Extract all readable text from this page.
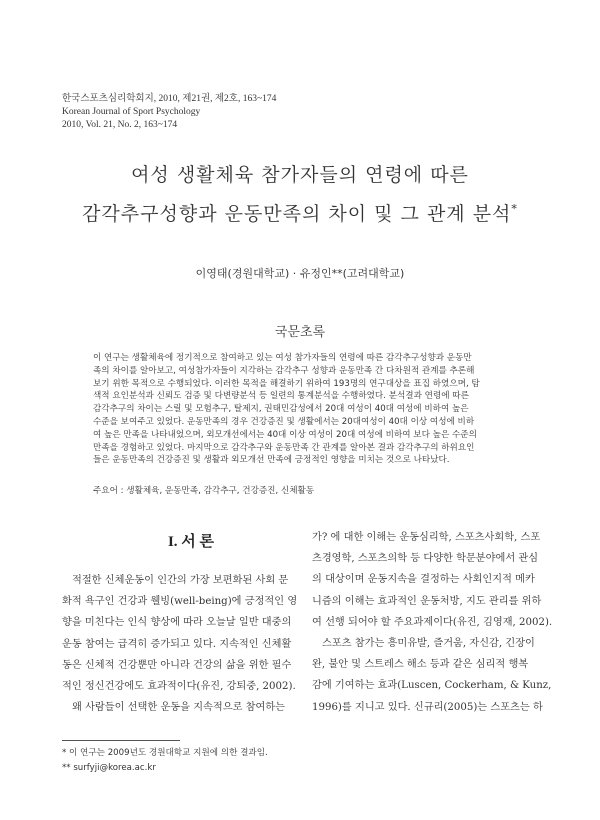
한국스포츠심리학회지, 2010, 제21권, 제2호, 163~174
Korean Journal of Sport Psychology
2010, Vol. 21, No. 2, 163~174
여성 생활체육 참가자들의 연령에 따른
감각추구성향과 운동만족의 차이 및 그 관계 분석*
이영태(경원대학교) · 유정인**(고려대학교)
국문초록
이 연구는 생활체육에 정기적으로 참여하고 있는 여성 참가자들의 연령에 따른 감각추구성향과 운동만
족의 차이를 알아보고, 여성참가자들이 지각하는 감각추구 성향과 운동만족 간 다차원적 관계를 추론해
보기 위한 목적으로 수행되었다. 이러한 목적을 해결하기 위하여 193명의 연구대상을 표집 하였으며, 탐
색적 요인분석과 신뢰도 검증 및 다변량분석 등 일련의 통계분석을 수행하였다. 분석결과 연령에 따른
감각추구의 차이는 스릴 및 모험추구, 탈제지, 권태민감성에서 20대 여성이 40대 여성에 비하여 높은
수준을 보여주고 있었다. 운동만족의 경우 건강증진 및 생활에서는 20대여성이 40대 이상 여성에 비하
여 높은 만족을 나타내었으며, 외모개선에서는 40대 이상 여성이 20대 여성에 비하여 보다 높은 수준의
만족을 경험하고 있었다. 마지막으로 감각추구와 운동만족 간 관계를 알아본 결과 감각추구의 하위요인
들은 운동만족의 건강증진 및 생활과 외모개선 만족에 긍정적인 영향을 미치는 것으로 나타났다.
주요어 : 생활체육, 운동만족, 감각추구, 건강증진, 신체활동
I. 서 론
적절한 신체운동이 인간의 가장 보편화된 사회 문
화적 욕구인 건강과 웰빙(well-being)에 긍정적인 영
향을 미친다는 인식 향상에 따라 오늘날 일반 대중의
운동 참여는 급격히 증가되고 있다. 지속적인 신체활
동은 신체적 건강뿐만 아니라 건강의 삶을 위한 필수
적인 정신건강에도 효과적이다(유진, 강퇴중, 2002).
왜 사람들이 선택한 운동을 지속적으로 참여하는
가? 에 대한 이해는 운동심리학, 스포츠사회학, 스포
츠경영학, 스포츠의학 등 다양한 학문분야에서 관심
의 대상이며 운동지속을 결정하는 사회인지적 메카
니즘의 이해는 효과적인 운동처방, 지도 관리를 위하
여 선행 되어야 할 주요과제이다(유진, 김영재, 2002).
스포츠 참가는 흥미유발, 즐거움, 자신감, 긴장이
완, 불안 및 스트레스 해소 등과 같은 심리적 행복
감에 기여하는 효과(Luscen, Cockerham, & Kunz,
1996)를 지니고 있다. 신규리(2005)는 스포츠는 하
* 이 연구는 2009년도 경원대학교 지원에 의한 결과임.
** surfyji@korea.ac.kr
